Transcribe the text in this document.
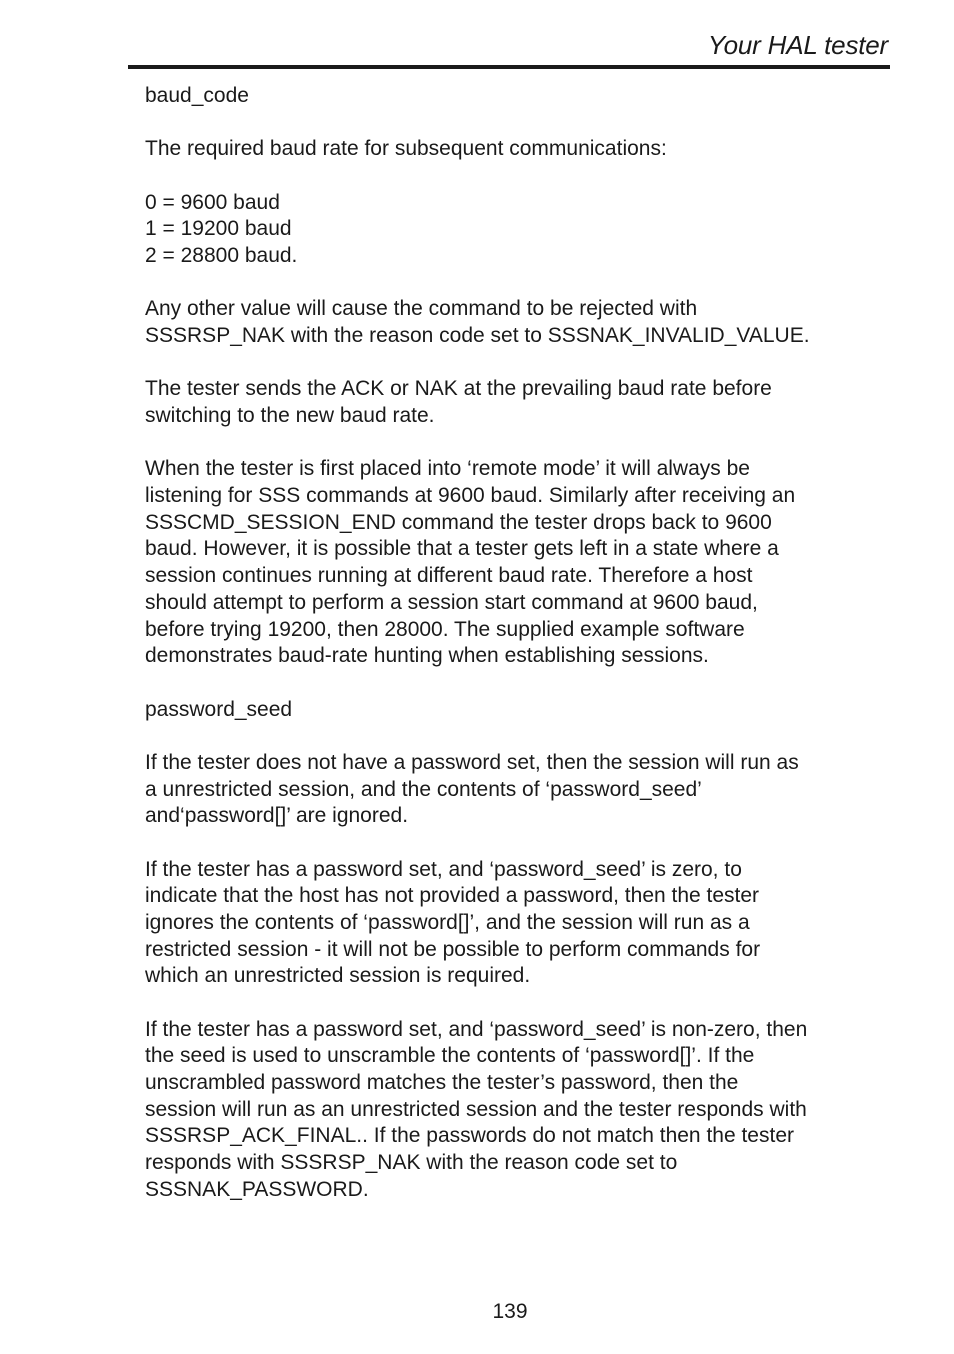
Your HAL tester

baud_code

The required baud rate for subsequent communications:

0 = 9600 baud
1 = 19200 baud
2 = 28800 baud.

Any other value will cause the command to be rejected with
SSSRSP_NAK with the reason code set to SSSNAK_INVALID_VALUE.

The tester sends the ACK or NAK at the prevailing baud rate before
switching to the new baud rate.

When the tester is first placed into ‘remote mode’ it will always be
listening for SSS commands at 9600 baud. Similarly after receiving an
SSSCMD_SESSION_END command the tester drops back to 9600
baud. However, it is possible that a tester gets left in a state where a
session continues running at different baud rate. Therefore a host
should attempt to perform a session start command at 9600 baud,
before trying 19200, then 28000. The supplied example software
demonstrates baud-rate hunting when establishing sessions.

password_seed

If the tester does not have a password set, then the session will run as
a unrestricted session, and the contents of ‘password_seed’
and‘password[]’ are ignored.

If the tester has a password set, and ‘password_seed’ is zero, to
indicate that the host has not provided a password, then the tester
ignores the contents of ‘password[]’, and the session will run as a
restricted session - it will not be possible to perform commands for
which an unrestricted session is required.

If the tester has a password set, and ‘password_seed’ is non-zero, then
the seed is used to unscramble the contents of ‘password[]’. If the
unscrambled password matches the tester’s password, then the
session will run as an unrestricted session and the tester responds with
SSSRSP_ACK_FINAL.. If the passwords do not match then the tester
responds with SSSRSP_NAK with the reason code set to
SSSNAK_PASSWORD.

139
